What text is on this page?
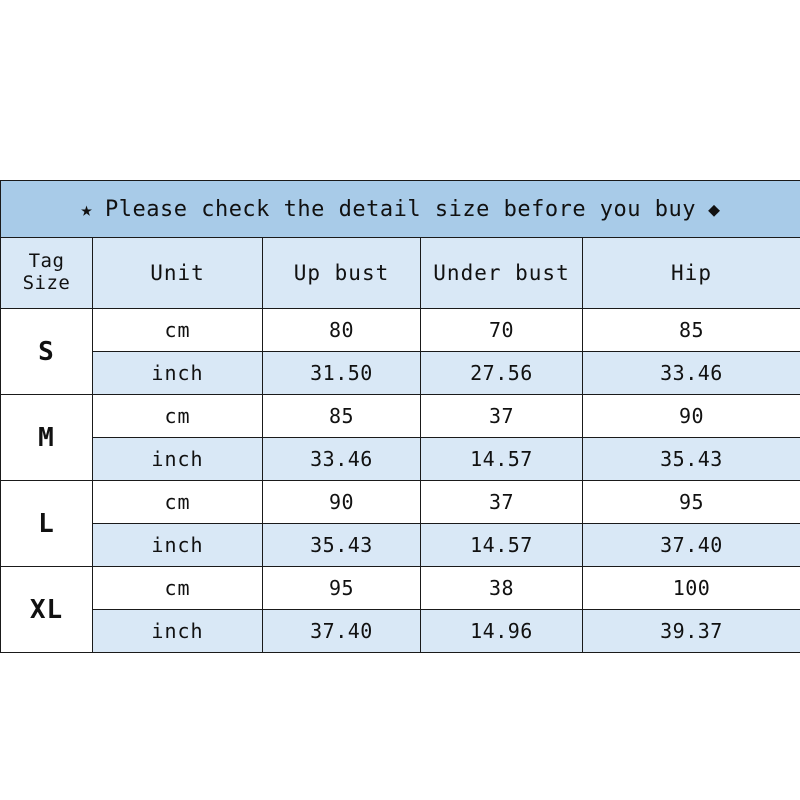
★ Please check the detail size before you buy ◆				

Tag
Size	Unit	Up bust	Under bust	Hip
S	cm	80	70	85
	inch	31.50	27.56	33.46
M	cm	85	37	90
	inch	33.46	14.57	35.43
L	cm	90	37	95
	inch	35.43	14.57	37.40
XL	cm	95	38	100
	inch	37.40	14.96	39.37
